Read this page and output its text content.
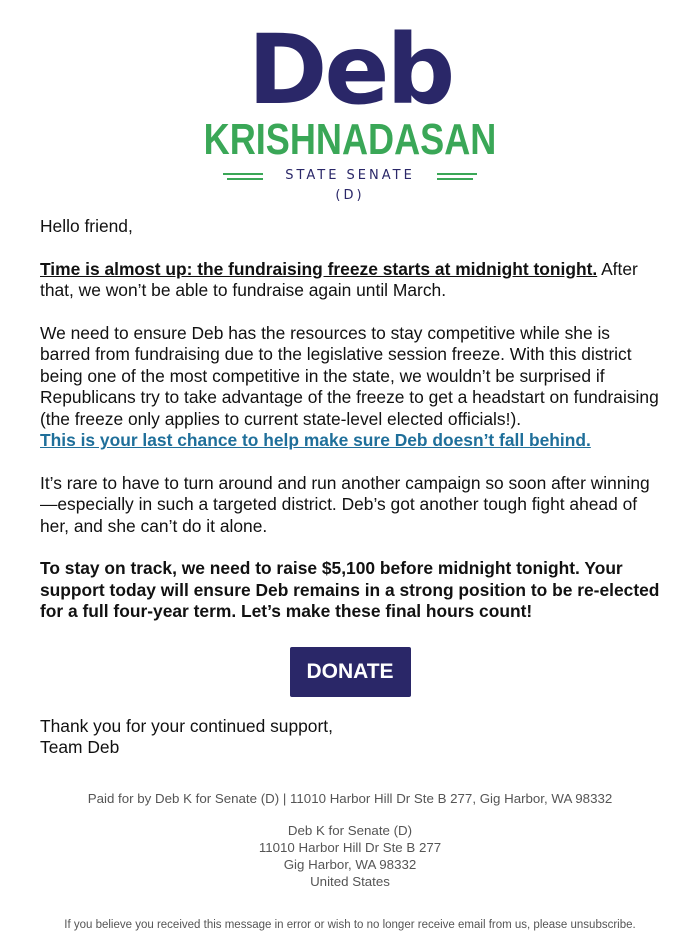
Deb
KRISHNADASAN
STATE SENATE (D)

Hello friend,

Time is almost up: the fundraising freeze starts at midnight tonight. After that, we won’t be able to fundraise again until March.

We need to ensure Deb has the resources to stay competitive while she is barred from fundraising due to the legislative session freeze. With this district being one of the most competitive in the state, we wouldn’t be surprised if Republicans try to take advantage of the freeze to get a headstart on fundraising (the freeze only applies to current state-level elected officials!).
This is your last chance to help make sure Deb doesn’t fall behind.

It’s rare to have to turn around and run another campaign so soon after winning—especially in such a targeted district. Deb’s got another tough fight ahead of her, and she can’t do it alone.

To stay on track, we need to raise $5,100 before midnight tonight. Your support today will ensure Deb remains in a strong position to be re-elected for a full four-year term. Let’s make these final hours count!

DONATE
Thank you for your continued support,
Team Deb
Paid for by Deb K for Senate (D) | 11010 Harbor Hill Dr Ste B 277, Gig Harbor, WA 98332
Deb K for Senate (D)
11010 Harbor Hill Dr Ste B 277
Gig Harbor, WA 98332
United States
If you believe you received this message in error or wish to no longer receive email from us, please unsubscribe.
